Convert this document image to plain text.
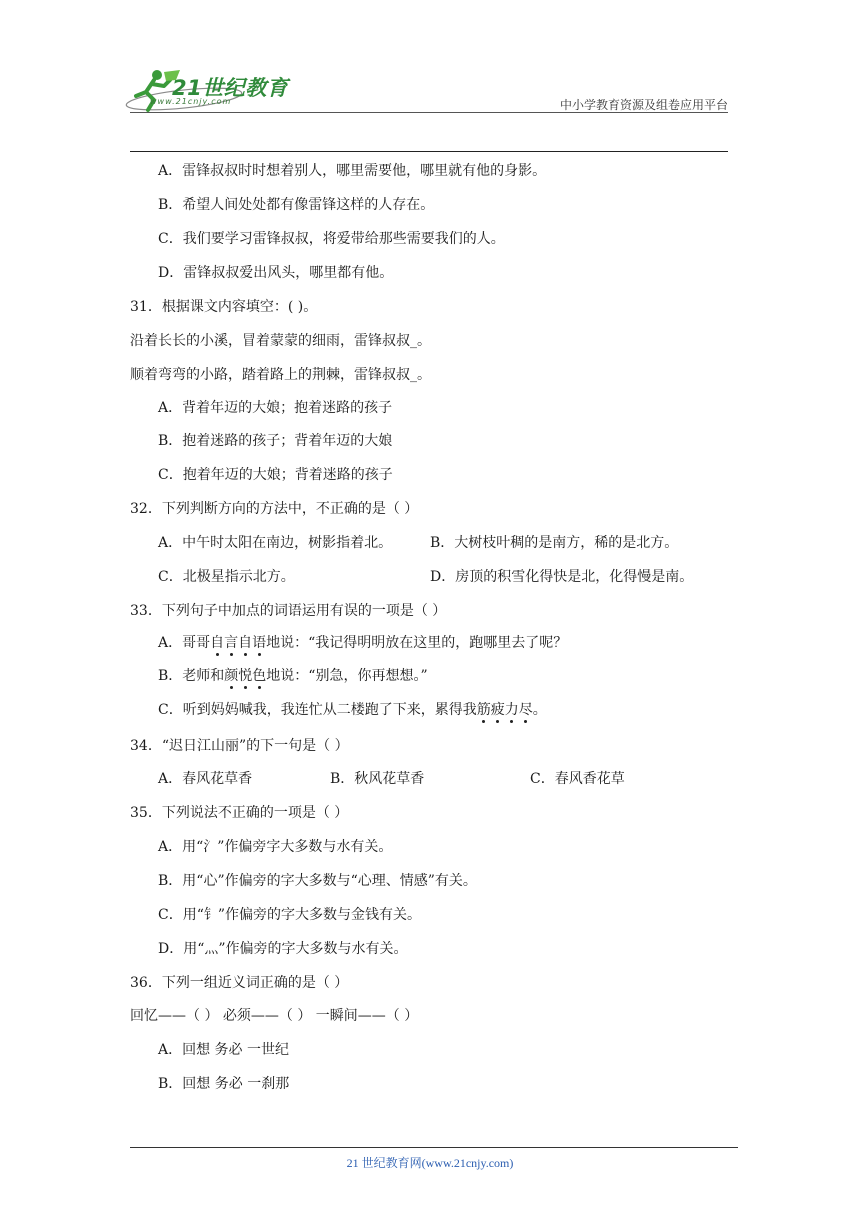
21世纪教育
www.21cnjy.com	中小学教育资源及组卷应用平台
A．雷锋叔叔时时想着别人，哪里需要他，哪里就有他的身影。
B．希望人间处处都有像雷锋这样的人存在。
C．我们要学习雷锋叔叔，将爱带给那些需要我们的人。
D．雷锋叔叔爱出风头，哪里都有他。
31．根据课文内容填空：( )。
沿着长长的小溪，冒着蒙蒙的细雨，雷锋叔叔_。
顺着弯弯的小路，踏着路上的荆棘，雷锋叔叔_。
A．背着年迈的大娘；抱着迷路的孩子
B．抱着迷路的孩子；背着年迈的大娘
C．抱着年迈的大娘；背着迷路的孩子
32．下列判断方向的方法中，不正确的是（ ）
A．中午时太阳在南边，树影指着北。	B．大树枝叶稠的是南方，稀的是北方。
C．北极星指示北方。	D．房顶的积雪化得快是北，化得慢是南。
33．下列句子中加点的词语运用有误的一项是（ ）
A．哥哥自言自语地说：“我记得明明放在这里的，跑哪里去了呢？
B．老师和颜悦色地说：“别急，你再想想。”
C．听到妈妈喊我，我连忙从二楼跑了下来，累得我筋疲力尽。
34．“迟日江山丽”的下一句是（ ）
A．春风花草香	B．秋风花草香	C．春风香花草
35．下列说法不正确的一项是（ ）
A．用“氵”作偏旁字大多数与水有关。
B．用“心”作偏旁的字大多数与“心理、情感”有关。
C．用“钅”作偏旁的字大多数与金钱有关。
D．用“灬”作偏旁的字大多数与水有关。
36．下列一组近义词正确的是（ ）
回忆——（ ） 必须——（ ） 一瞬间——（ ）
A．回想 务必 一世纪
B．回想 务必 一刹那
21 世纪教育网(www.21cnjy.com)
